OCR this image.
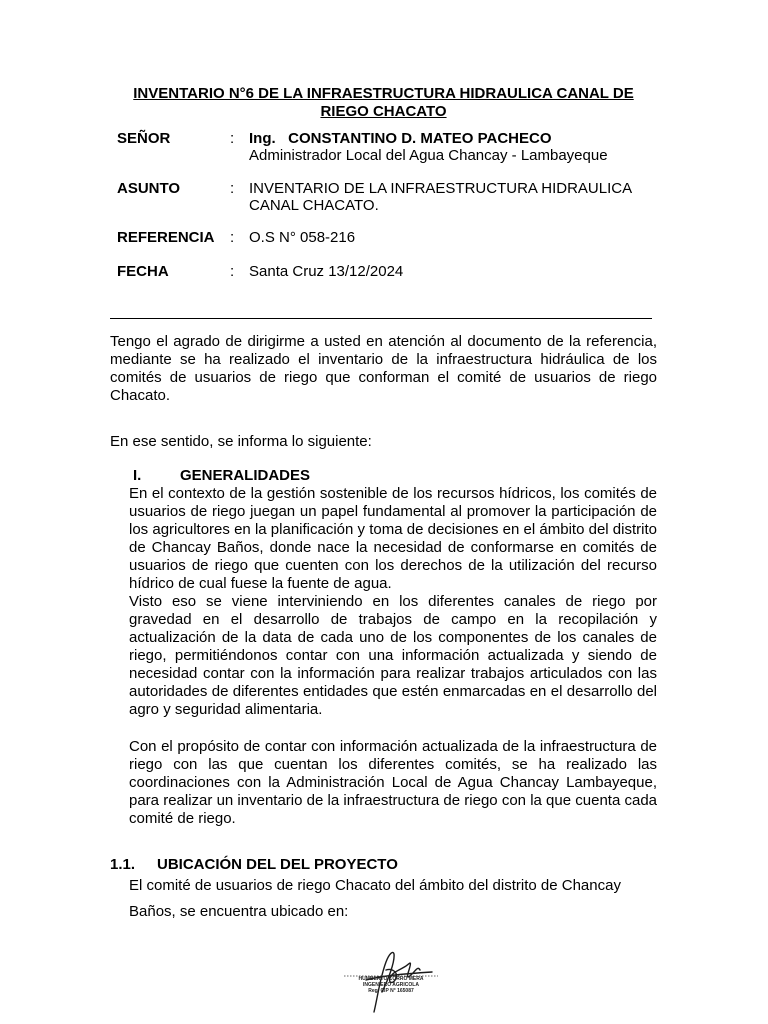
INVENTARIO N°6 DE LA INFRAESTRUCTURA HIDRAULICA CANAL DE RIEGO CHACATO
SEÑOR	: Ing.   CONSTANTINO D. MATEO PACHECO
Administrador Local del Agua Chancay - Lambayeque
ASUNTO	: INVENTARIO DE LA INFRAESTRUCTURA HIDRAULICA CANAL CHACATO.
REFERENCIA : O.S N° 058-216
FECHA	: Santa Cruz 13/12/2024
Tengo el agrado de dirigirme a usted en atención al documento de la referencia, mediante se ha realizado el inventario de la infraestructura hidráulica de los comités de usuarios de riego que conforman el comité de usuarios de riego Chacato.
En ese sentido, se informa lo siguiente:
I.	GENERALIDADES
En el contexto de la gestión sostenible de los recursos hídricos, los comités de usuarios de riego juegan un papel fundamental al promover la participación de los agricultores en la planificación y toma de decisiones en el ámbito del distrito de Chancay Baños, donde nace la necesidad de conformarse en comités de usuarios de riego que cuenten con los derechos de la utilización del recurso hídrico de cual fuese la fuente de agua.
Visto eso se viene interviniendo en los diferentes canales de riego por gravedad en el desarrollo de trabajos de campo en la recopilación y actualización de la data de cada uno de los componentes de los canales de riego, permitiéndonos contar con una información actualizada y siendo de necesidad contar con la información para realizar trabajos articulados con las autoridades de diferentes entidades que estén enmarcadas en el desarrollo del agro y seguridad alimentaria.
Con el propósito de contar con información actualizada de la infraestructura de riego con las que cuentan los diferentes comités, se ha realizado las coordinaciones con la Administración Local de Agua Chancay Lambayeque, para realizar un inventario de la infraestructura de riego con la que cuenta cada comité de riego.
1.1. UBICACIÓN DEL DEL PROYECTO
El comité de usuarios de riego Chacato del ámbito del distrito de Chancay
Baños, se encuentra ubicado en:
HUMBERTO CORRO MERA
INGENIERO AGRICOLA
Reg. CIP N° 165087
